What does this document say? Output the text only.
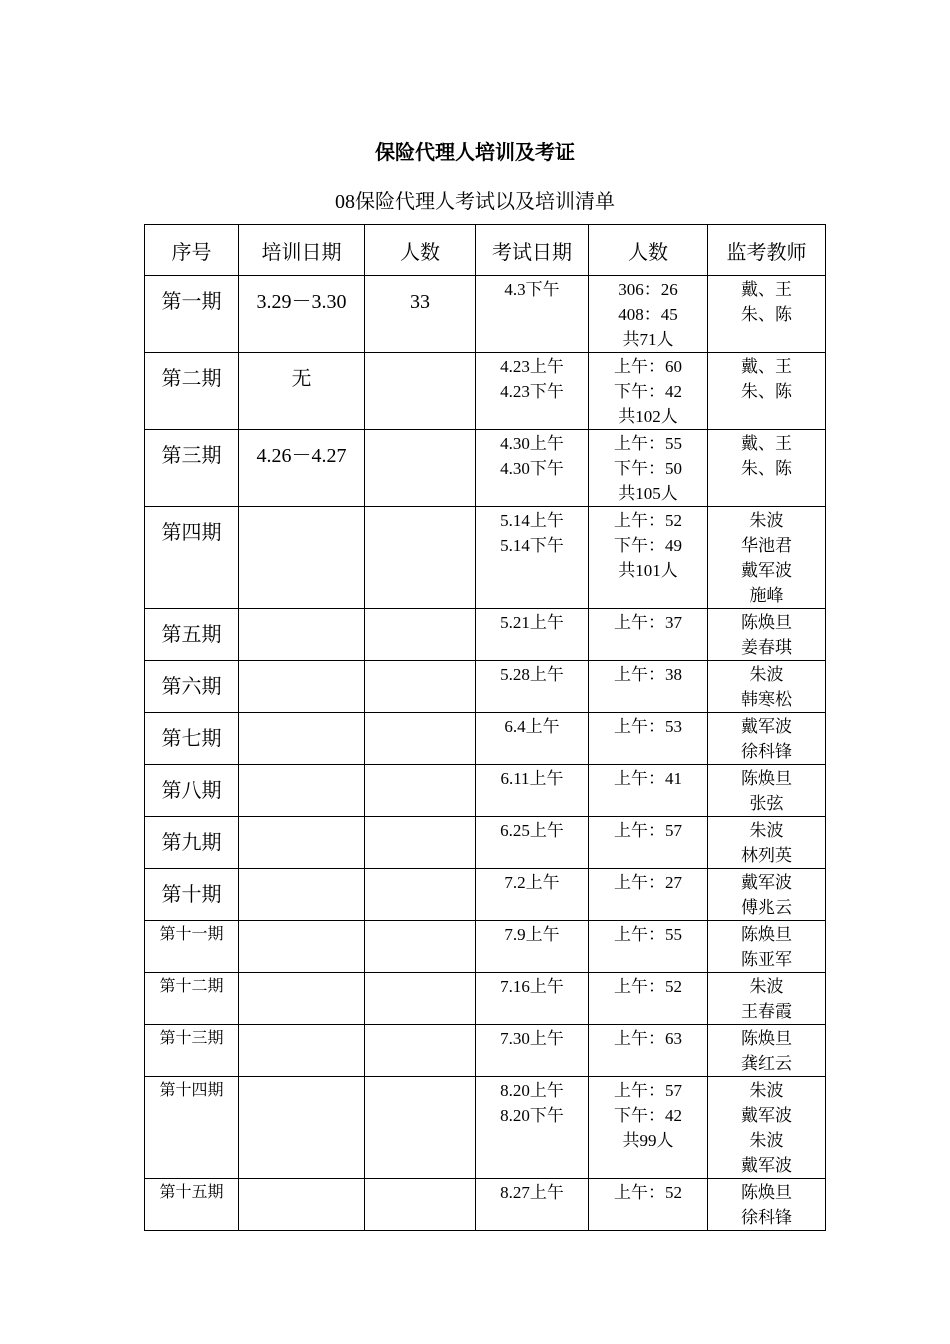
保险代理人培训及考证
08保险代理人考试以及培训清单
序号	培训日期	人数	考试日期	人数	监考教师
第一期	3.29－3.30	33	4.3下午	306：26
408：45
共71人	戴、王
朱、陈

第二期	无		4.23上午
4.23下午	上午：60
下午：42
共102人	戴、王
朱、陈

第三期	4.26－4.27		4.30上午
4.30下午	上午：55
下午：50
共105人	戴、王
朱、陈

第四期			5.14上午
5.14下午	上午：52
下午：49
共101人	朱波
华池君
戴军波
施峰

第五期			5.21上午	上午：37	陈焕旦
姜春琪

第六期			5.28上午	上午：38	朱波
韩寒松

第七期			6.4上午	上午：53	戴军波
徐科锋

第八期			6.11上午	上午：41	陈焕旦
张弦

第九期			6.25上午	上午：57	朱波
林列英

第十期			7.2上午	上午：27	戴军波
傅兆云

第十一期			7.9上午	上午：55	陈焕旦
陈亚军

第十二期			7.16上午	上午：52	朱波
王春霞

第十三期			7.30上午	上午：63	陈焕旦
龚红云

第十四期			8.20上午
8.20下午	上午：57
下午：42
共99人	朱波
戴军波
朱波
戴军波

第十五期			8.27上午	上午：52	陈焕旦
徐科锋
